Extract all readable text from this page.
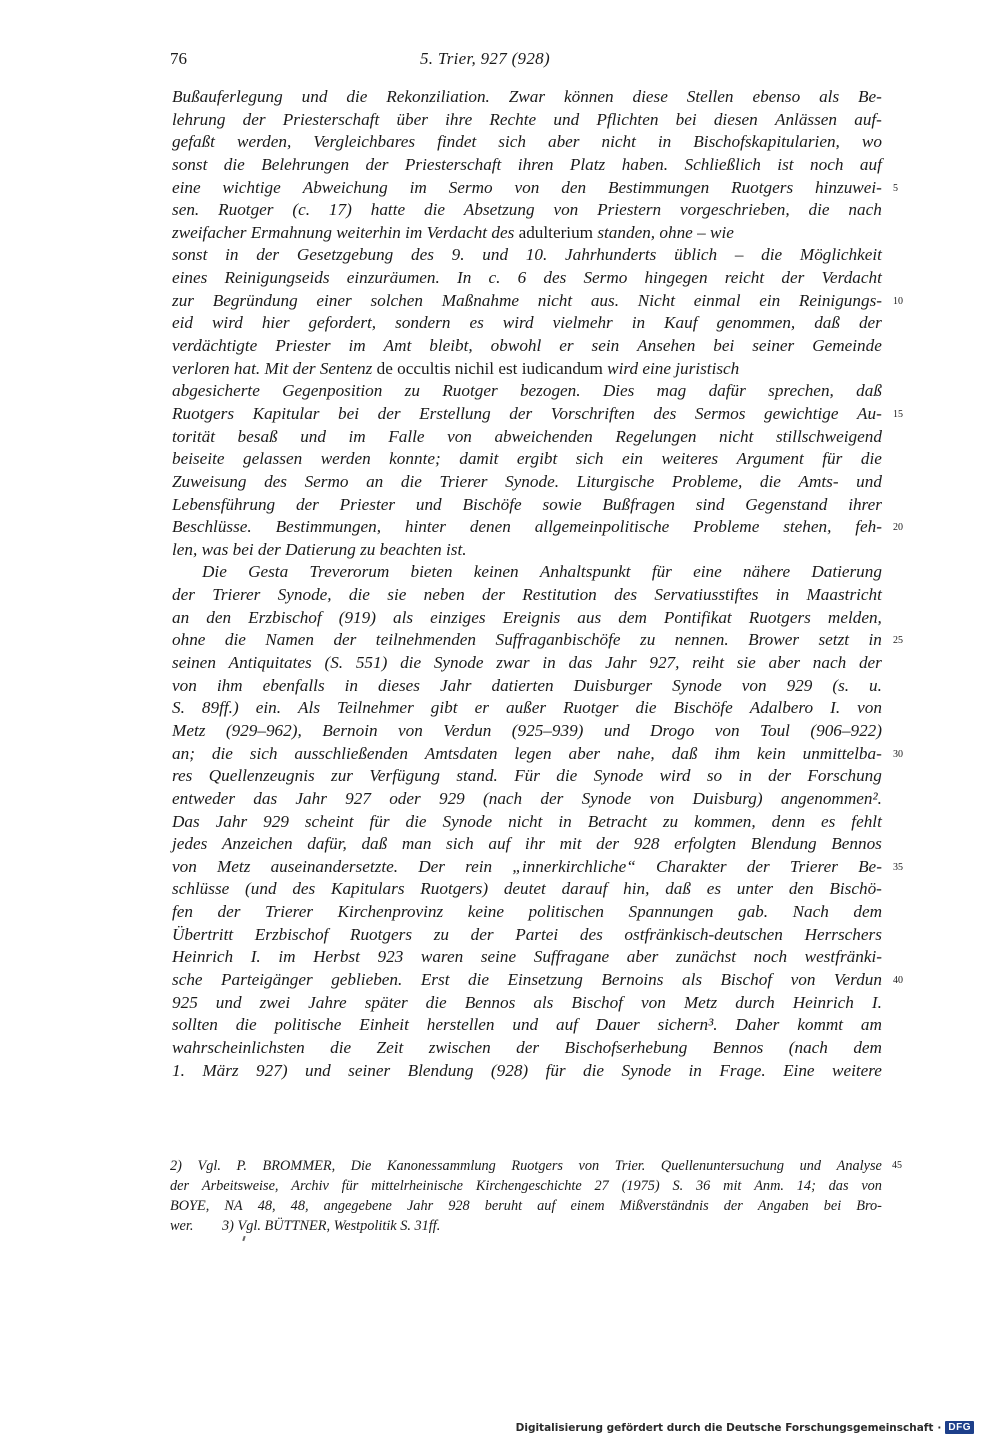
76	5. Trier, 927 (928)
Bußauferlegung und die Rekonziliation. Zwar können diese Stellen ebenso als Be-
lehrung der Priesterschaft über ihre Rechte und Pflichten bei diesen Anlässen auf-
gefaßt werden, Vergleichbares findet sich aber nicht in Bischofskapitularien, wo
sonst die Belehrungen der Priesterschaft ihren Platz haben. Schließlich ist noch auf
eine wichtige Abweichung im Sermo von den Bestimmungen Ruotgers hinzuwei- 5
sen. Ruotger (c. 17) hatte die Absetzung von Priestern vorgeschrieben, die nach
zweifacher Ermahnung weiterhin im Verdacht des adulterium standen, ohne – wie
sonst in der Gesetzgebung des 9. und 10. Jahrhunderts üblich – die Möglichkeit
eines Reinigungseids einzuräumen. In c. 6 des Sermo hingegen reicht der Verdacht
zur Begründung einer solchen Maßnahme nicht aus. Nicht einmal ein Reinigungs- 10
eid wird hier gefordert, sondern es wird vielmehr in Kauf genommen, daß der
verdächtigte Priester im Amt bleibt, obwohl er sein Ansehen bei seiner Gemeinde
verloren hat. Mit der Sentenz de occultis nichil est iudicandum wird eine juristisch
abgesicherte Gegenposition zu Ruotger bezogen. Dies mag dafür sprechen, daß
Ruotgers Kapitular bei der Erstellung der Vorschriften des Sermos gewichtige Au- 15
torität besaß und im Falle von abweichenden Regelungen nicht stillschweigend
beiseite gelassen werden konnte; damit ergibt sich ein weiteres Argument für die
Zuweisung des Sermo an die Trierer Synode. Liturgische Probleme, die Amts- und
Lebensführung der Priester und Bischöfe sowie Bußfragen sind Gegenstand ihrer
Beschlüsse. Bestimmungen, hinter denen allgemeinpolitische Probleme stehen, feh- 20
len, was bei der Datierung zu beachten ist.
Die Gesta Treverorum bieten keinen Anhaltspunkt für eine nähere Datierung
der Trierer Synode, die sie neben der Restitution des Servatiusstiftes in Maastricht
an den Erzbischof (919) als einziges Ereignis aus dem Pontifikat Ruotgers melden,
ohne die Namen der teilnehmenden Suffraganbischöfe zu nennen. Brower setzt in 25
seinen Antiquitates (S. 551) die Synode zwar in das Jahr 927, reiht sie aber nach der
von ihm ebenfalls in dieses Jahr datierten Duisburger Synode von 929 (s. u.
S. 89ff.) ein. Als Teilnehmer gibt er außer Ruotger die Bischöfe Adalbero I. von
Metz (929–962), Bernoin von Verdun (925–939) und Drogo von Toul (906–922)
an; die sich ausschließenden Amtsdaten legen aber nahe, daß ihm kein unmittelba- 30
res Quellenzeugnis zur Verfügung stand. Für die Synode wird so in der Forschung
entweder das Jahr 927 oder 929 (nach der Synode von Duisburg) angenommen².
Das Jahr 929 scheint für die Synode nicht in Betracht zu kommen, denn es fehlt
jedes Anzeichen dafür, daß man sich auf ihr mit der 928 erfolgten Blendung Bennos
von Metz auseinandersetzte. Der rein „innerkirchliche“ Charakter der Trierer Be- 35
schlüsse (und des Kapitulars Ruotgers) deutet darauf hin, daß es unter den Bischö-
fen der Trierer Kirchenprovinz keine politischen Spannungen gab. Nach dem
Übertritt Erzbischof Ruotgers zu der Partei des ostfränkisch-deutschen Herrschers
Heinrich I. im Herbst 923 waren seine Suffragane aber zunächst noch westfränki-
sche Parteigänger geblieben. Erst die Einsetzung Bernoins als Bischof von Verdun 40
925 und zwei Jahre später die Bennos als Bischof von Metz durch Heinrich I.
sollten die politische Einheit herstellen und auf Dauer sichern³. Daher kommt am
wahrscheinlichsten die Zeit zwischen der Bischofserhebung Bennos (nach dem
1. März 927) und seiner Blendung (928) für die Synode in Frage. Eine weitere
2) Vgl. P. BROMMER, Die Kanonessammlung Ruotgers von Trier. Quellenuntersuchung und Analyse 45
der Arbeitsweise, Archiv für mittelrheinische Kirchengeschichte 27 (1975) S. 36 mit Anm. 14; das von
BOYE, NA 48, 48, angegebene Jahr 928 beruht auf einem Mißverständnis der Angaben bei Bro-
wer.        3) Vgl. BÜTTNER, Westpolitik S. 31ff.
Digitalisierung gefördert durch die Deutsche Forschungsgemeinschaft · DFG
